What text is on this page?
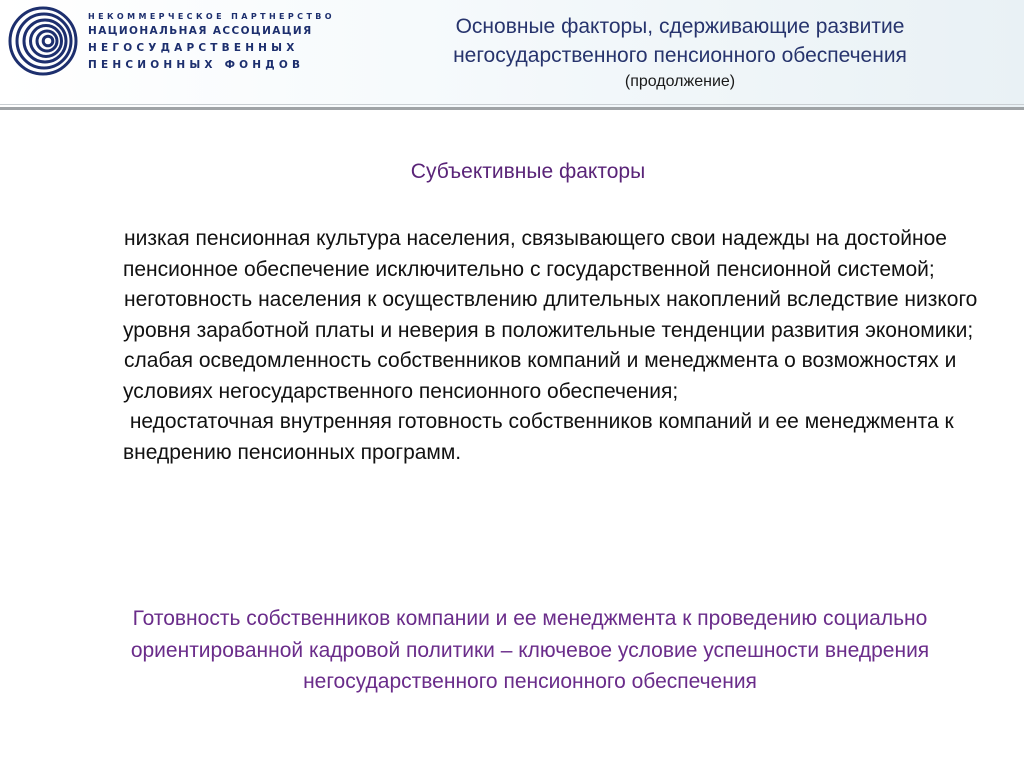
НЕКОММЕРЧЕСКОЕ ПАРТНЕРСТВО
НАЦИОНАЛЬНАЯ АССОЦИАЦИЯ
НЕГОСУДАРСТВЕННЫХ
ПЕНСИОННЫХ ФОНДОВ
Основные факторы, сдерживающие развитие
негосударственного пенсионного обеспечения
(продолжение)
Субъективные факторы

низкая пенсионная культура населения, связывающего свои надежды на достойное пенсионное обеспечение исключительно с государственной пенсионной системой;

неготовность населения к осуществлению длительных накоплений вследствие низкого уровня заработной платы и неверия в положительные тенденции развития экономики;

слабая осведомленность собственников компаний и менеджмента о возможностях и условиях негосударственного пенсионного обеспечения;

недостаточная внутренняя готовность собственников компаний и ее менеджмента к внедрению пенсионных программ.

Готовность собственников компании и ее менеджмента к проведению социально ориентированной кадровой политики – ключевое условие успешности внедрения негосударственного пенсионного обеспечения
